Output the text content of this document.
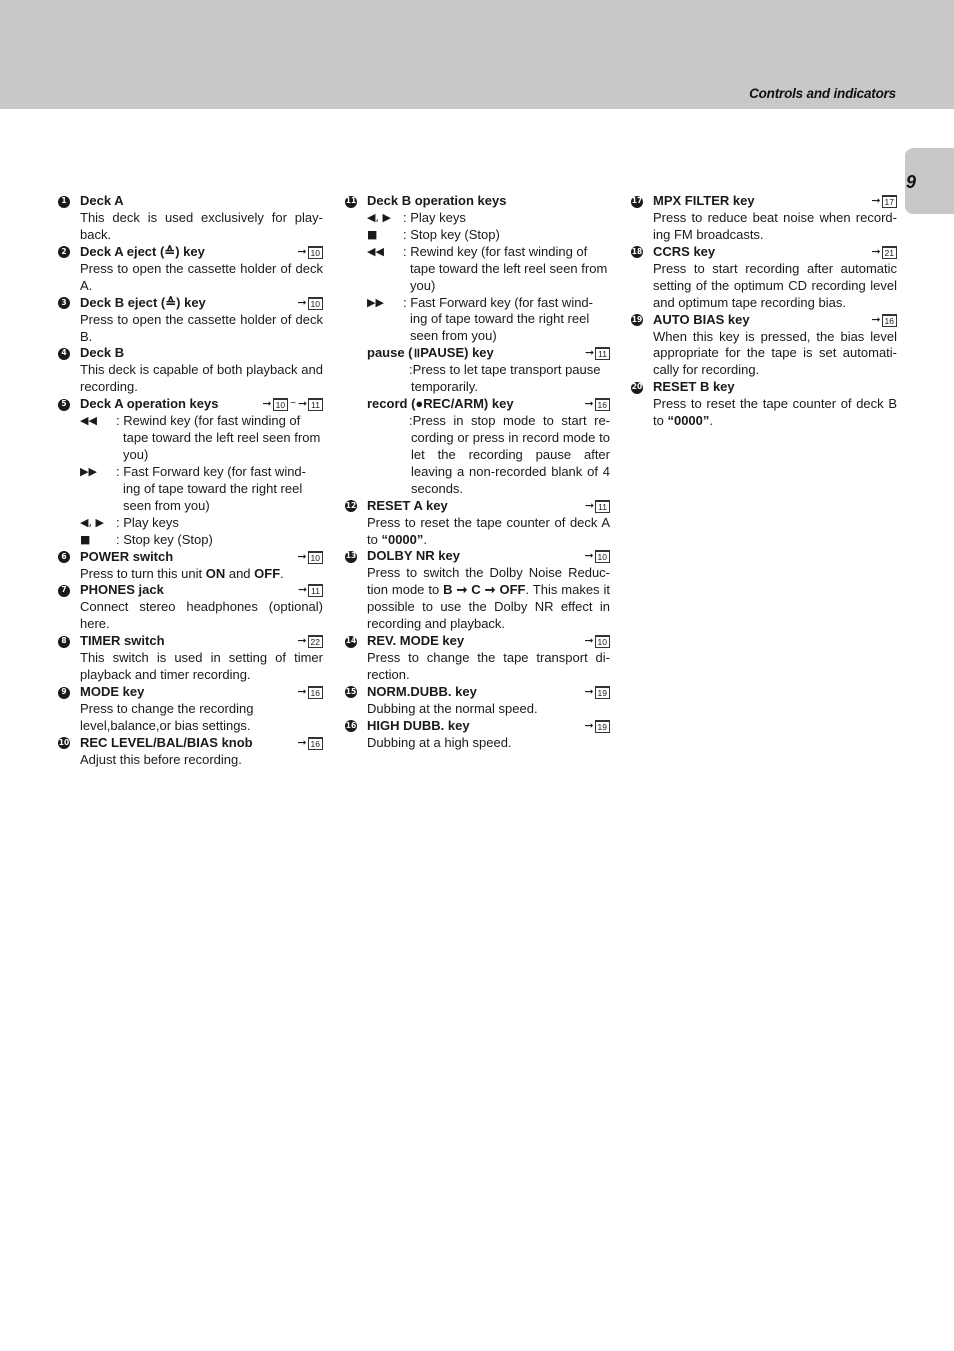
Controls and indicators
9
1 Deck A
This deck is used exclusively for play-back.
2 Deck A eject (≙) key	➞ 10
Press to open the cassette holder of deck A.
3 Deck B eject (≙) key	➞ 10
Press to open the cassette holder of deck B.
4 Deck B
This deck is capable of both playback and recording.
5 Deck A operation keys	➞ 10 ~ ➞ 11
◀◀	: Rewind key (for fast winding of tape toward the left reel seen from you)
▶▶	: Fast Forward key (for fast wind-ing of tape toward the right reel seen from you)
◀, ▶ : Play keys
■	: Stop key (Stop)
6 POWER switch	➞ 10
Press to turn this unit ON and OFF.
7 PHONES jack	➞ 11
Connect stereo headphones (optional) here.
8 TIMER switch	➞ 22
This switch is used in setting of timer playback and timer recording.
9 MODE key	➞ 16
Press to change the recording level,balance,or bias settings.
10 REC LEVEL/BAL/BIAS knob	➞ 16
Adjust this before recording.
11 Deck B operation keys
◀, ▶ : Play keys
■	: Stop key (Stop)
◀◀	: Rewind key (for fast winding of tape toward the left reel seen from you)
▶▶	: Fast Forward key (for fast wind-ing of tape toward the right reel seen from you)
pause (॥PAUSE) key	➞ 11
:Press to let tape transport pause temporarily.
record (●REC/ARM) key	➞ 16
:Press in stop mode to start re-cording or press in record mode to let the recording pause after leaving a non-recorded blank of 4 seconds.
12 RESET A key	➞ 11
Press to reset the tape counter of deck A to “0000”.
13 DOLBY NR key	➞ 10
Press to switch the Dolby Noise Reduc-tion mode to B ➞ C ➞ OFF. This makes it possible to use the Dolby NR effect in recording and playback.
14 REV. MODE key	➞ 10
Press to change the tape transport di-rection.
15 NORM.DUBB. key	➞ 19
Dubbing at the normal speed.
16 HIGH DUBB. key	➞ 19
Dubbing at a high speed.
17 MPX FILTER key	➞ 17
Press to reduce beat noise when record-ing FM broadcasts.
18 CCRS key	➞ 21
Press to start recording after automatic setting of the optimum CD recording level and optimum tape recording bias.
19 AUTO BIAS key	➞ 16
When this key is pressed, the bias level appropriate for the tape is set automati-cally for recording.
20 RESET B key
Press to reset the tape counter of deck B to “0000”.
